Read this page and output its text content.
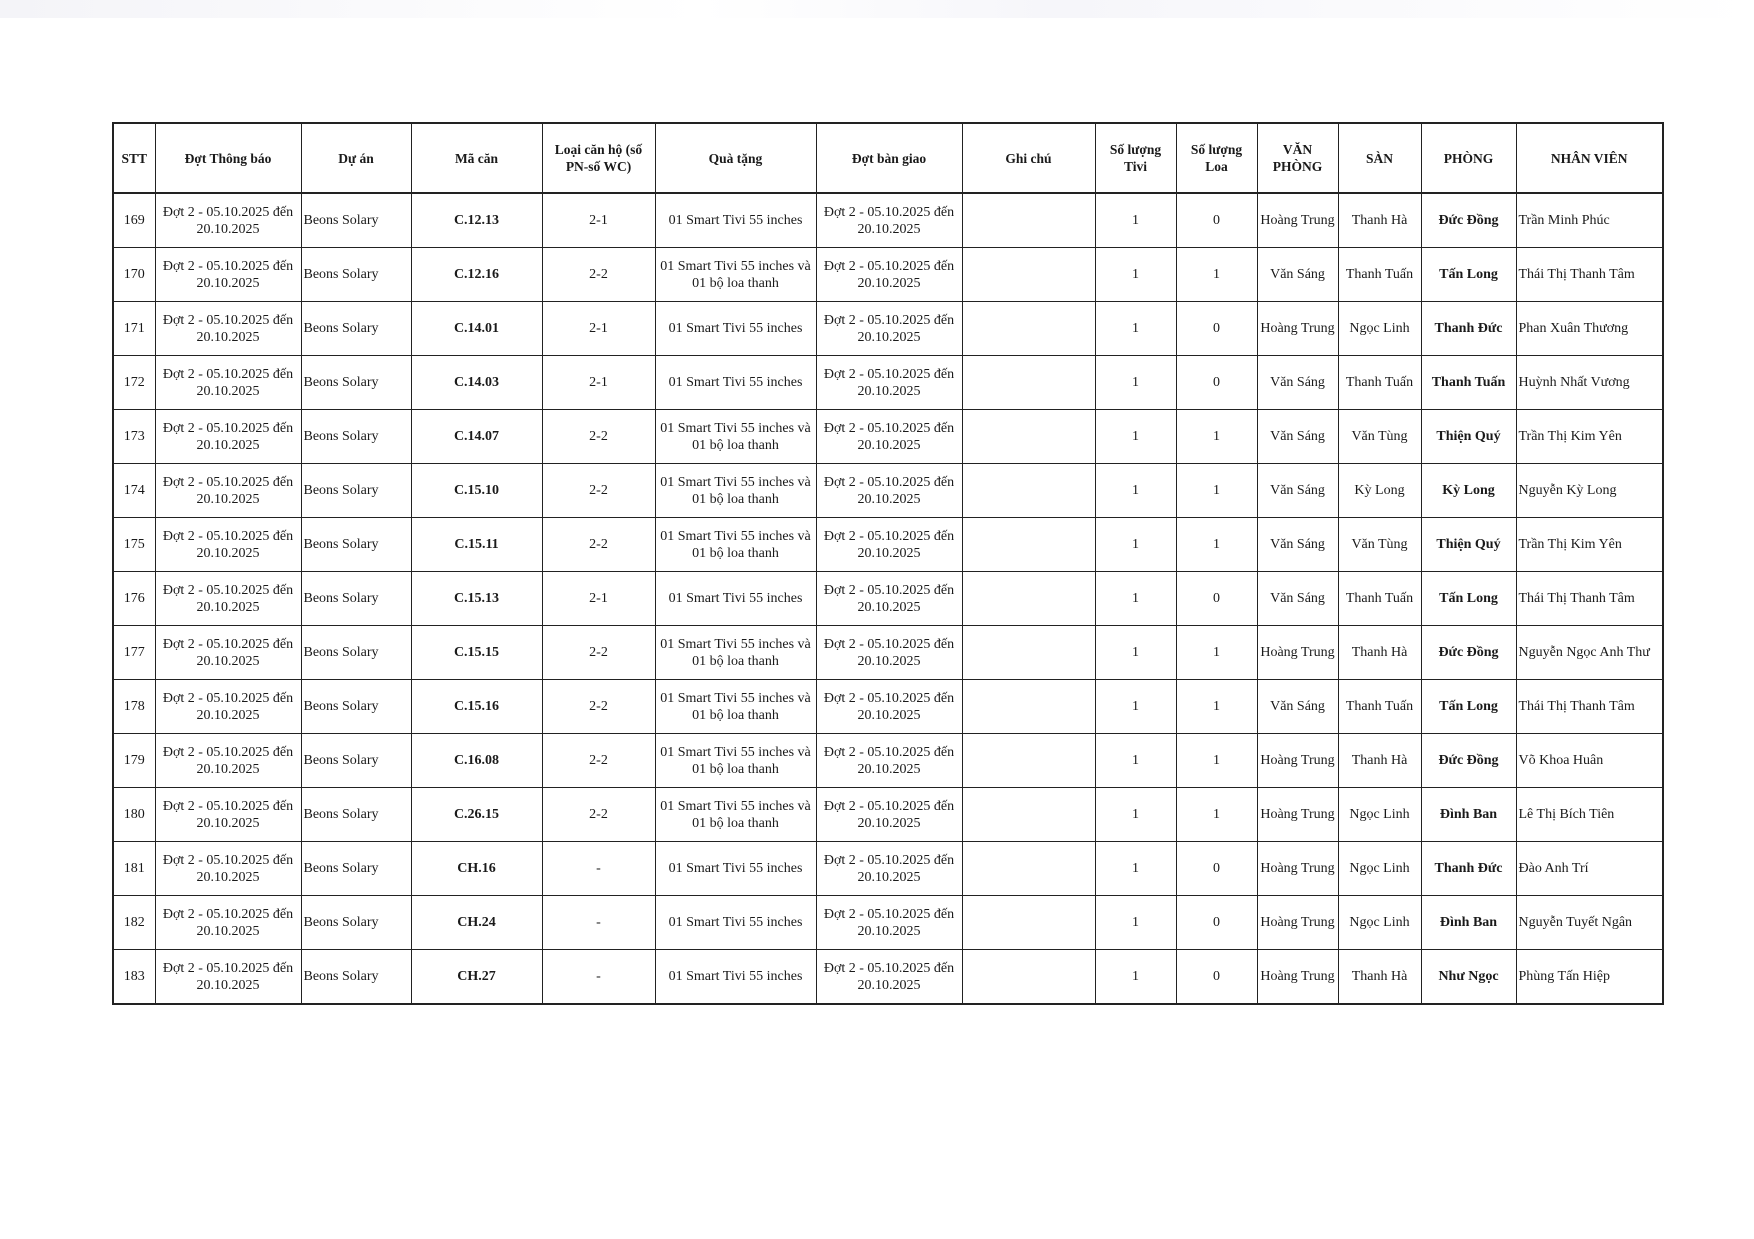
STT	Đợt Thông báo	Dự án	Mã căn	Loại căn hộ (số PN-số WC)	Quà tặng	Đợt bàn giao	Ghi chú	Số lượng Tivi	Số lượng Loa	VĂN PHÒNG	SÀN	PHÒNG	NHÂN VIÊN
169	Đợt 2 - 05.10.2025 đến 20.10.2025	Beons Solary	C.12.13	2-1	01 Smart Tivi 55 inches	Đợt 2 - 05.10.2025 đến 20.10.2025		1	0	Hoàng Trung	Thanh Hà	Đức Đồng	Trần Minh Phúc
170	Đợt 2 - 05.10.2025 đến 20.10.2025	Beons Solary	C.12.16	2-2	01 Smart Tivi 55 inches và 01 bộ loa thanh	Đợt 2 - 05.10.2025 đến 20.10.2025		1	1	Văn Sáng	Thanh Tuấn	Tấn Long	Thái Thị Thanh Tâm
171	Đợt 2 - 05.10.2025 đến 20.10.2025	Beons Solary	C.14.01	2-1	01 Smart Tivi 55 inches	Đợt 2 - 05.10.2025 đến 20.10.2025		1	0	Hoàng Trung	Ngọc Linh	Thanh Đức	Phan Xuân Thương
172	Đợt 2 - 05.10.2025 đến 20.10.2025	Beons Solary	C.14.03	2-1	01 Smart Tivi 55 inches	Đợt 2 - 05.10.2025 đến 20.10.2025		1	0	Văn Sáng	Thanh Tuấn	Thanh Tuấn	Huỳnh Nhất Vương
173	Đợt 2 - 05.10.2025 đến 20.10.2025	Beons Solary	C.14.07	2-2	01 Smart Tivi 55 inches và 01 bộ loa thanh	Đợt 2 - 05.10.2025 đến 20.10.2025		1	1	Văn Sáng	Văn Tùng	Thiện Quý	Trần Thị Kim Yên
174	Đợt 2 - 05.10.2025 đến 20.10.2025	Beons Solary	C.15.10	2-2	01 Smart Tivi 55 inches và 01 bộ loa thanh	Đợt 2 - 05.10.2025 đến 20.10.2025		1	1	Văn Sáng	Kỳ Long	Kỳ Long	Nguyễn Kỳ Long
175	Đợt 2 - 05.10.2025 đến 20.10.2025	Beons Solary	C.15.11	2-2	01 Smart Tivi 55 inches và 01 bộ loa thanh	Đợt 2 - 05.10.2025 đến 20.10.2025		1	1	Văn Sáng	Văn Tùng	Thiện Quý	Trần Thị Kim Yên
176	Đợt 2 - 05.10.2025 đến 20.10.2025	Beons Solary	C.15.13	2-1	01 Smart Tivi 55 inches	Đợt 2 - 05.10.2025 đến 20.10.2025		1	0	Văn Sáng	Thanh Tuấn	Tấn Long	Thái Thị Thanh Tâm
177	Đợt 2 - 05.10.2025 đến 20.10.2025	Beons Solary	C.15.15	2-2	01 Smart Tivi 55 inches và 01 bộ loa thanh	Đợt 2 - 05.10.2025 đến 20.10.2025		1	1	Hoàng Trung	Thanh Hà	Đức Đồng	Nguyễn Ngọc Anh Thư
178	Đợt 2 - 05.10.2025 đến 20.10.2025	Beons Solary	C.15.16	2-2	01 Smart Tivi 55 inches và 01 bộ loa thanh	Đợt 2 - 05.10.2025 đến 20.10.2025		1	1	Văn Sáng	Thanh Tuấn	Tấn Long	Thái Thị Thanh Tâm
179	Đợt 2 - 05.10.2025 đến 20.10.2025	Beons Solary	C.16.08	2-2	01 Smart Tivi 55 inches và 01 bộ loa thanh	Đợt 2 - 05.10.2025 đến 20.10.2025		1	1	Hoàng Trung	Thanh Hà	Đức Đồng	Võ Khoa Huân
180	Đợt 2 - 05.10.2025 đến 20.10.2025	Beons Solary	C.26.15	2-2	01 Smart Tivi 55 inches và 01 bộ loa thanh	Đợt 2 - 05.10.2025 đến 20.10.2025		1	1	Hoàng Trung	Ngọc Linh	Đình Ban	Lê Thị Bích Tiên
181	Đợt 2 - 05.10.2025 đến 20.10.2025	Beons Solary	CH.16	-	01 Smart Tivi 55 inches	Đợt 2 - 05.10.2025 đến 20.10.2025		1	0	Hoàng Trung	Ngọc Linh	Thanh Đức	Đào Anh Trí
182	Đợt 2 - 05.10.2025 đến 20.10.2025	Beons Solary	CH.24	-	01 Smart Tivi 55 inches	Đợt 2 - 05.10.2025 đến 20.10.2025		1	0	Hoàng Trung	Ngọc Linh	Đình Ban	Nguyễn Tuyết Ngân
183	Đợt 2 - 05.10.2025 đến 20.10.2025	Beons Solary	CH.27	-	01 Smart Tivi 55 inches	Đợt 2 - 05.10.2025 đến 20.10.2025		1	0	Hoàng Trung	Thanh Hà	Như Ngọc	Phùng Tấn Hiệp
